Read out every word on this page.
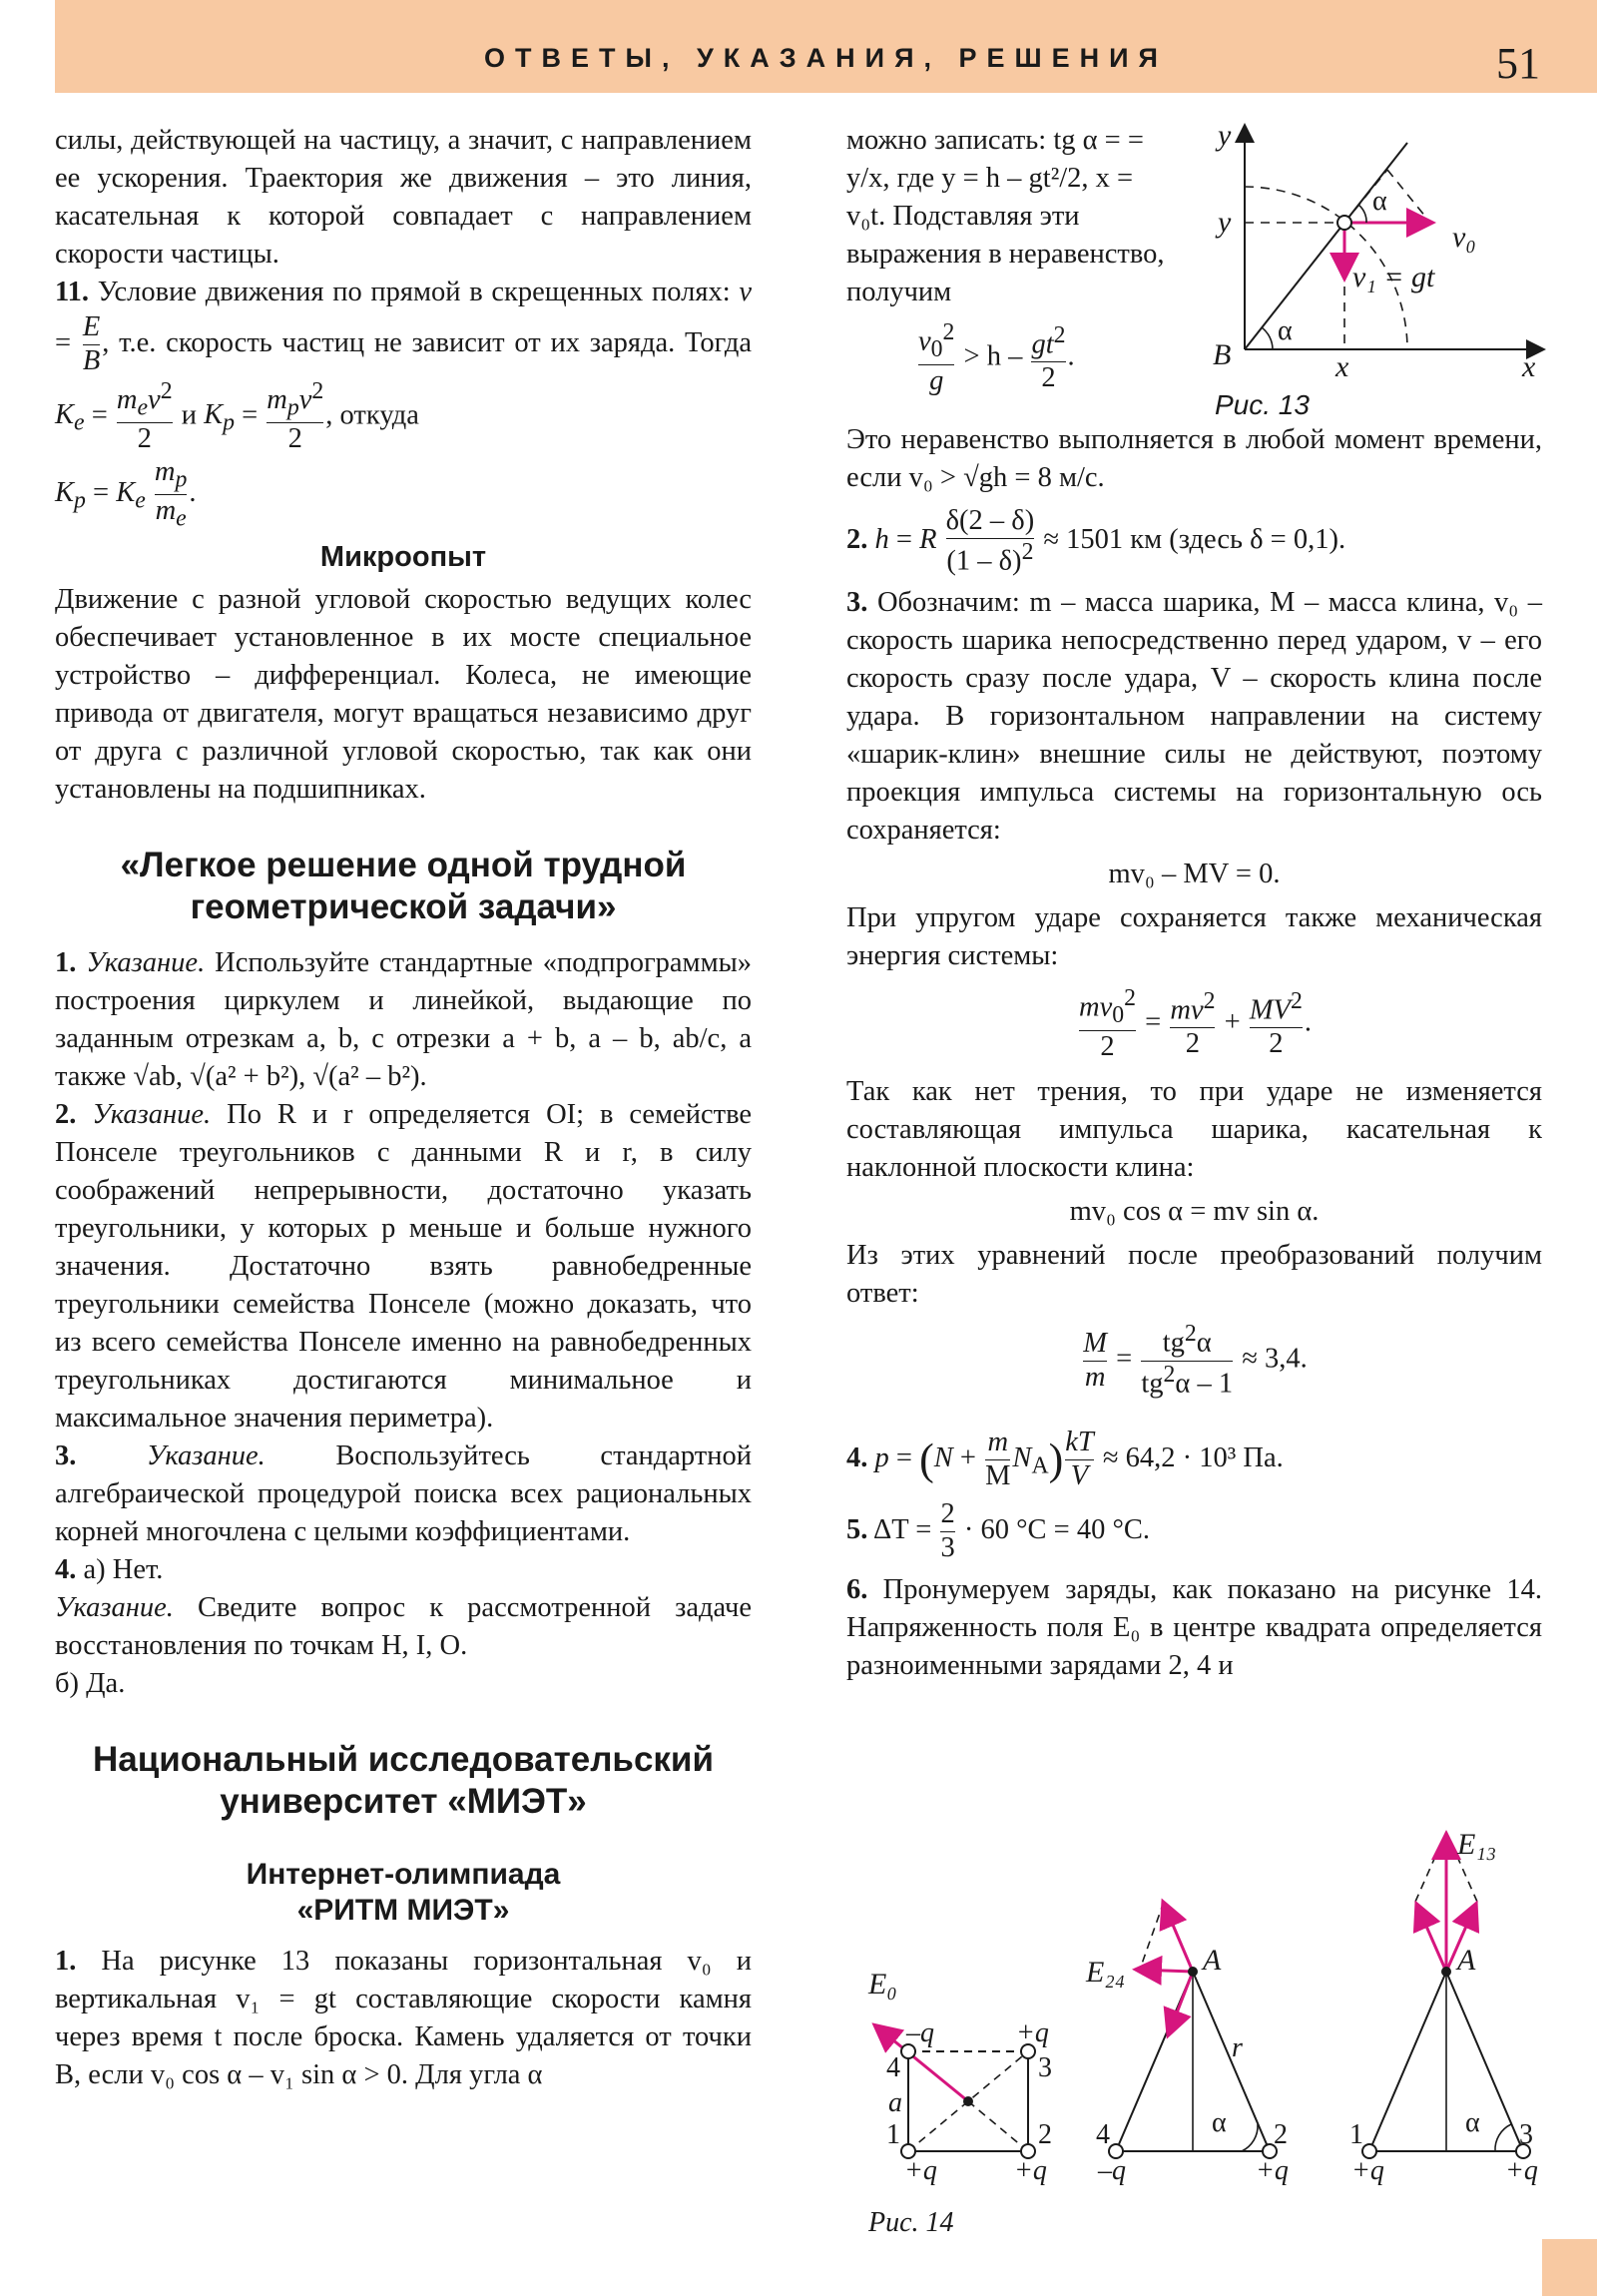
ОТВЕТЫ, УКАЗАНИЯ, РЕШЕНИЯ	51

силы, действующей на частицу, а значит, с направлением ее ускорения. Траектория же движения – это линия, касательная к которой совпадает с направлением скорости частицы.

11. Условие движения по прямой в скрещенных полях: $v = \frac{E}{B}$ , т.е. скорость частиц не зависит от их заряда. Тогда $K_e = \frac{m_ev^2}{2}$ и $K_p = \frac{m_pv^2}{2}$ , откуда
$K_p = K_e \frac{m_p}{m_e}$ .

Микроопыт

Движение с разной угловой скоростью ведущих колес обеспечивает установленное в их мосте специальное устройство – дифференциал. Колеса, не имеющие привода от двигателя, могут вращаться независимо друг от друга с различной угловой скоростью, так как они установлены на подшипниках.

«Легкое решение одной трудной
геометрической задачи»

1. Указание. Используйте стандартные «подпрограммы» построения циркулем и линейкой, выдающие по заданным отрезкам a, b, c отрезки a + b, a – b, ab/c, а также √ab, √(a² + b²), √(a² – b²).

2. Указание. По R и r определяется OI; в семействе Понселе треугольников с данными R и r, в силу соображений непрерывности, достаточно указать треугольники, у которых p меньше и больше нужного значения. Достаточно взять равнобедренные треугольники семейства Понселе (можно доказать, что из всего семейства Понселе именно на равнобедренных треугольниках достигаются минимальное и максимальное значения периметра).

3. Указание. Воспользуйтесь стандартной алгебраической процедурой поиска всех рациональных корней многочлена с целыми коэффициентами.

4. а) Нет.

Указание. Сведите вопрос к рассмотренной задаче восстановления по точкам H, I, O.

б) Да.

Национальный исследовательский
университет «МИЭТ»
Интернет-олимпиада
«РИТМ МИЭТ»

1. На рисунке 13 показаны горизонтальная v₀ и вертикальная v₁ = gt составляющие скорости камня через время t после броска. Камень удаляется от точки B, если v₀ cos α – v₁ sin α > 0. Для угла α

можно записать: tg α = = y/x, где y = h – gt²/2, x = v₀t. Подставляя эти выражения в неравенство, получим

$\frac{v_0^2}{g} > h - \frac{gt^2}{2}$ .
y
y
B
α
α
x	x
v₀
v₁ = gt
Рис. 13

Это неравенство выполняется в любой момент времени, если v₀ > √gh = 8 м/с.

2. h = R $\frac{\delta(2 - \delta)}{(1 - \delta)^2} \approx 1501$ км (здесь δ = 0,1).

3. Обозначим: m – масса шарика, M – масса клина, v₀ – скорость шарика непосредственно перед ударом, v – его скорость сразу после удара, V – скорость клина после удара. В горизонтальном направлении на систему «шарик-клин» внешние силы не действуют, поэтому проекция импульса системы на горизонтальную ось сохраняется:

mv₀ – MV = 0.

При упругом ударе сохраняется также механическая энергия системы:

$\frac{mv_0^2}{2} = \frac{mv^2}{2} + \frac{MV^2}{2}$ .

Так как нет трения, то при ударе не изменяется составляющая импульса шарика, касательная к наклонной плоскости клина:

mv₀ cos α = mv sin α.

Из этих уравнений после преобразований получим ответ:

$\frac{M}{m} = \frac{tg^2\alpha}{tg^2\alpha - 1} \approx 3,4$.

4. $p = (N + \frac{m}{M} N_A) \frac{kT}{V} \approx 64,2 \cdot 10^3$ Па.

5. $\Delta T = \frac{2}{3} \cdot 60$ °C = 40 °C.

6. Пронумеруем заряды, как показано на рисунке 14. Напряженность поля E₀ в центре квадрата определяется разноименными зарядами 2, 4 и

E₀
–q	+q
4	3
1	2
a
+q	+q
E₂₄	A
r
α
4	2
–q	+q
E₁₃
A
α
1	3
+q	+q
Рис. 14
